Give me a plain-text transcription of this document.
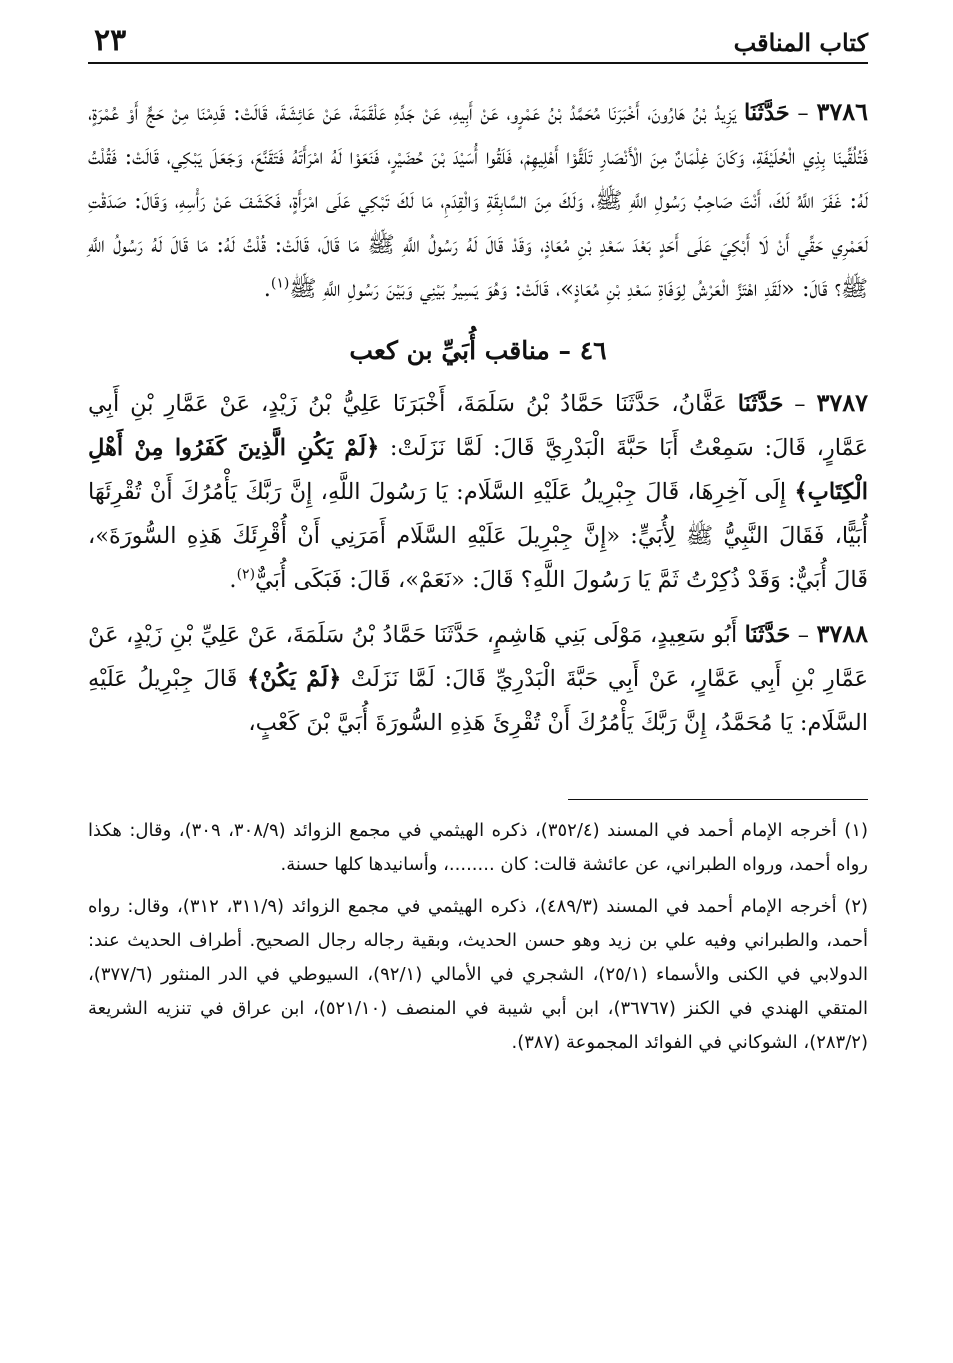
كتاب المناقب
٢٣

٣٧٨٦ – حَدَّثَنَا يَزِيدُ بْنُ هَارُونَ، أَخْبَرَنَا مُحَمَّدُ بْنُ عَمْرٍو، عَنْ أَبِيهِ، عَنْ جَدِّهِ عَلْقَمَةَ، عَنْ عَائِشَةَ، قَالَتْ: قَدِمْنَا مِنْ حَجٍّ أَوْ عُمْرَةٍ، فَتُلُقِّينَا بِذِي الْحُلَيْفَةِ، وَكَانَ غِلْمَانٌ مِنَ الْأَنْصَارِ تَلَقَّوْا أَهْلِيهِمْ، فَلَقُوا أُسَيْدَ بْنَ حُضَيْرٍ، فَنَعَوْا لَهُ امْرَأَتَهُ فَتَقَنَّعَ، وَجَعَلَ يَبْكِي، قَالَتْ: فَقُلْتُ لَهُ: غَفَرَ اللَّهُ لَكَ، أَنْتَ صَاحِبُ رَسُولِ اللَّهِ ﷺ، وَلَكَ مِنَ السَّابِقَةِ وَالْقِدَمِ، مَا لَكَ تَبْكِي عَلَى امْرَأَةٍ، فَكَشَفَ عَنْ رَأْسِهِ، وَقَالَ: صَدَقْتِ لَعَمْرِي حَقِّي أَنْ لَا أَبْكِيَ عَلَى أَحَدٍ بَعْدَ سَعْدِ بْنِ مُعَاذٍ، وَقَدْ قَالَ لَهُ رَسُولُ اللَّهِ ﷺ مَا قَالَ، قَالَتْ: قُلْتُ لَهُ: مَا قَالَ لَهُ رَسُولُ اللَّهِ ﷺ؟ قَالَ: «لَقَدِ اهْتَزَّ الْعَرْشُ لِوَفَاةِ سَعْدِ بْنِ مُعَاذٍ»، قَالَتْ: وَهُوَ يَسِيرُ بَيْنِي وَبَيْنَ رَسُولِ اللَّهِ ﷺ$^{(١)}$.

٤٦ – مناقب أُبَيِّ بن كعب

٣٧٨٧ – حَدَّثَنَا عَفَّانُ، حَدَّثَنَا حَمَّادُ بْنُ سَلَمَةَ، أَخْبَرَنَا عَلِيُّ بْنُ زَيْدٍ، عَنْ عَمَّارِ بْنِ أَبِي عَمَّارٍ، قَالَ: سَمِعْتُ أَبَا حَبَّةَ الْبَدْرِيَّ قَالَ: لَمَّا نَزَلَتْ: ﴿لَمْ يَكُنِ الَّذِينَ كَفَرُوا مِنْ أَهْلِ الْكِتَابِ﴾ إِلَى آخِرِهَا، قَالَ جِبْرِيلُ عَلَيْهِ السَّلَام: يَا رَسُولَ اللَّهِ، إِنَّ رَبَّكَ يَأْمُرُكَ أَنْ تُقْرِئَهَا أُبَيًّا، فَقَالَ النَّبِيُّ ﷺ لِأُبَيٍّ: «إِنَّ جِبْرِيلَ عَلَيْهِ السَّلَام أَمَرَنِي أَنْ أُقْرِئَكَ هَذِهِ السُّورَةَ»، قَالَ أُبَيٌّ: وَقَدْ ذُكِرْتُ ثَمَّ يَا رَسُولَ اللَّهِ؟ قَالَ: «نَعَمْ»، قَالَ: فَبَكَى أُبَيٌّ$^{(٢)}$.

٣٧٨٨ – حَدَّثَنَا أَبُو سَعِيدٍ، مَوْلَى بَنِي هَاشِمٍ، حَدَّثَنَا حَمَّادُ بْنُ سَلَمَةَ، عَنْ عَلِيِّ بْنِ زَيْدٍ، عَنْ عَمَّارِ بْنِ أَبِي عَمَّارٍ، عَنْ أَبِي حَبَّةَ الْبَدْرِيِّ قَالَ: لَمَّا نَزَلَتْ ﴿لَمْ يَكُنْ﴾ قَالَ جِبْرِيلُ عَلَيْهِ السَّلَام: يَا مُحَمَّدُ، إِنَّ رَبَّكَ يَأْمُرُكَ أَنْ تُقْرِئَ هَذِهِ السُّورَةَ أُبَيَّ بْنَ كَعْبٍ،

(١) أخرجه الإمام أحمد في المسند (٣٥٢/٤)، ذكره الهيثمي في مجمع الزوائد (٣٠٨/٩، ٣٠٩)، وقال: هكذا رواه أحمد، ورواه الطبراني، عن عائشة قالت: كان ........، وأسانيدها كلها حسنة.

(٢) أخرجه الإمام أحمد في المسند (٤٨٩/٣)، ذكره الهيثمي في مجمع الزوائد (٣١١/٩، ٣١٢)، وقال: رواه أحمد، والطبراني وفيه علي بن زيد وهو حسن الحديث، وبقية رجاله رجال الصحيح. أطراف الحديث عند: الدولابي في الكنى والأسماء (٢٥/١)، الشجري في الأمالي (٩٢/١)، السيوطي في الدر المنثور (٣٧٧/٦)، المتقي الهندي في الكنز (٣٦٧٦٧)، ابن أبي شيبة في المنصف (٥٢١/١٠)، ابن عراق في تنزيه الشريعة (٢٨٣/٢)، الشوكاني في الفوائد المجموعة (٣٨٧).
